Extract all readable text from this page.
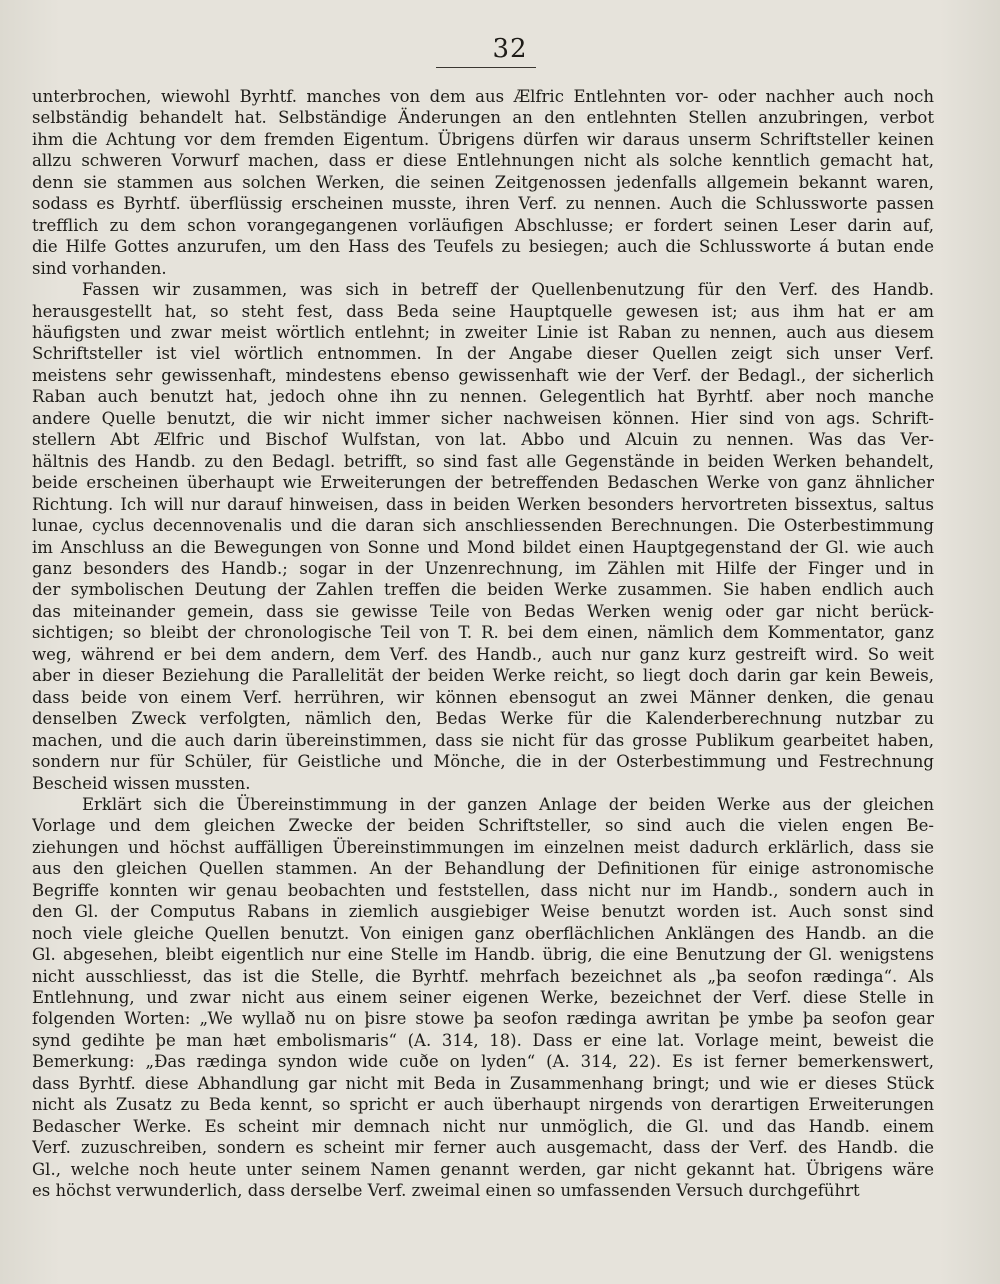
32
unterbrochen, wiewohl Byrhtf. manches von dem aus Ælfric Entlehnten vor- oder nachher auch noch
selbständig behandelt hat. Selbständige Änderungen an den entlehnten Stellen anzubringen, verbot
ihm die Achtung vor dem fremden Eigentum. Übrigens dürfen wir daraus unserm Schriftsteller keinen
allzu schweren Vorwurf machen, dass er diese Entlehnungen nicht als solche kenntlich gemacht hat,
denn sie stammen aus solchen Werken, die seinen Zeitgenossen jedenfalls allgemein bekannt waren,
sodass es Byrhtf. überflüssig erscheinen musste, ihren Verf. zu nennen. Auch die Schlussworte passen
trefflich zu dem schon vorangegangenen vorläufigen Abschlusse; er fordert seinen Leser darin auf,
die Hilfe Gottes anzurufen, um den Hass des Teufels zu besiegen; auch die Schlussworte á butan ende
sind vorhanden.
Fassen wir zusammen, was sich in betreff der Quellenbenutzung für den Verf. des Handb.
herausgestellt hat, so steht fest, dass Beda seine Hauptquelle gewesen ist; aus ihm hat er am
häufigsten und zwar meist wörtlich entlehnt; in zweiter Linie ist Raban zu nennen, auch aus diesem
Schriftsteller ist viel wörtlich entnommen. In der Angabe dieser Quellen zeigt sich unser Verf.
meistens sehr gewissenhaft, mindestens ebenso gewissenhaft wie der Verf. der Bedagl., der sicherlich
Raban auch benutzt hat, jedoch ohne ihn zu nennen. Gelegentlich hat Byrhtf. aber noch manche
andere Quelle benutzt, die wir nicht immer sicher nachweisen können. Hier sind von ags. Schrift-
stellern Abt Ælfric und Bischof Wulfstan, von lat. Abbo und Alcuin zu nennen. Was das Ver-
hältnis des Handb. zu den Bedagl. betrifft, so sind fast alle Gegenstände in beiden Werken behandelt,
beide erscheinen überhaupt wie Erweiterungen der betreffenden Bedaschen Werke von ganz ähnlicher
Richtung. Ich will nur darauf hinweisen, dass in beiden Werken besonders hervortreten bissextus, saltus
lunae, cyclus decennovenalis und die daran sich anschliessenden Berechnungen. Die Osterbestimmung
im Anschluss an die Bewegungen von Sonne und Mond bildet einen Hauptgegenstand der Gl. wie auch
ganz besonders des Handb.; sogar in der Unzenrechnung, im Zählen mit Hilfe der Finger und in
der symbolischen Deutung der Zahlen treffen die beiden Werke zusammen. Sie haben endlich auch
das miteinander gemein, dass sie gewisse Teile von Bedas Werken wenig oder gar nicht berück-
sichtigen; so bleibt der chronologische Teil von T. R. bei dem einen, nämlich dem Kommentator, ganz
weg, während er bei dem andern, dem Verf. des Handb., auch nur ganz kurz gestreift wird. So weit
aber in dieser Beziehung die Parallelität der beiden Werke reicht, so liegt doch darin gar kein Beweis,
dass beide von einem Verf. herrühren, wir können ebensogut an zwei Männer denken, die genau
denselben Zweck verfolgten, nämlich den, Bedas Werke für die Kalenderberechnung nutzbar zu
machen, und die auch darin übereinstimmen, dass sie nicht für das grosse Publikum gearbeitet haben,
sondern nur für Schüler, für Geistliche und Mönche, die in der Osterbestimmung und Festrechnung
Bescheid wissen mussten.
Erklärt sich die Übereinstimmung in der ganzen Anlage der beiden Werke aus der gleichen
Vorlage und dem gleichen Zwecke der beiden Schriftsteller, so sind auch die vielen engen Be-
ziehungen und höchst auffälligen Übereinstimmungen im einzelnen meist dadurch erklärlich, dass sie
aus den gleichen Quellen stammen. An der Behandlung der Definitionen für einige astronomische
Begriffe konnten wir genau beobachten und feststellen, dass nicht nur im Handb., sondern auch in
den Gl. der Computus Rabans in ziemlich ausgiebiger Weise benutzt worden ist. Auch sonst sind
noch viele gleiche Quellen benutzt. Von einigen ganz oberflächlichen Anklängen des Handb. an die
Gl. abgesehen, bleibt eigentlich nur eine Stelle im Handb. übrig, die eine Benutzung der Gl. wenigstens
nicht ausschliesst, das ist die Stelle, die Byrhtf. mehrfach bezeichnet als „þa seofon rædinga“. Als
Entlehnung, und zwar nicht aus einem seiner eigenen Werke, bezeichnet der Verf. diese Stelle in
folgenden Worten: „We wyllað nu on þisre stowe þa seofon rædinga awritan þe ymbe þa seofon gear
synd gedihte þe man hæt embolismaris“ (A. 314, 18). Dass er eine lat. Vorlage meint, beweist die
Bemerkung: „Ðas rædinga syndon wide cuðe on lyden“ (A. 314, 22). Es ist ferner bemerkenswert,
dass Byrhtf. diese Abhandlung gar nicht mit Beda in Zusammenhang bringt; und wie er dieses Stück
nicht als Zusatz zu Beda kennt, so spricht er auch überhaupt nirgends von derartigen Erweiterungen
Bedascher Werke. Es scheint mir demnach nicht nur unmöglich, die Gl. und das Handb. einem
Verf. zuzuschreiben, sondern es scheint mir ferner auch ausgemacht, dass der Verf. des Handb. die
Gl., welche noch heute unter seinem Namen genannt werden, gar nicht gekannt hat. Übrigens wäre
es höchst verwunderlich, dass derselbe Verf. zweimal einen so umfassenden Versuch durchgeführt
